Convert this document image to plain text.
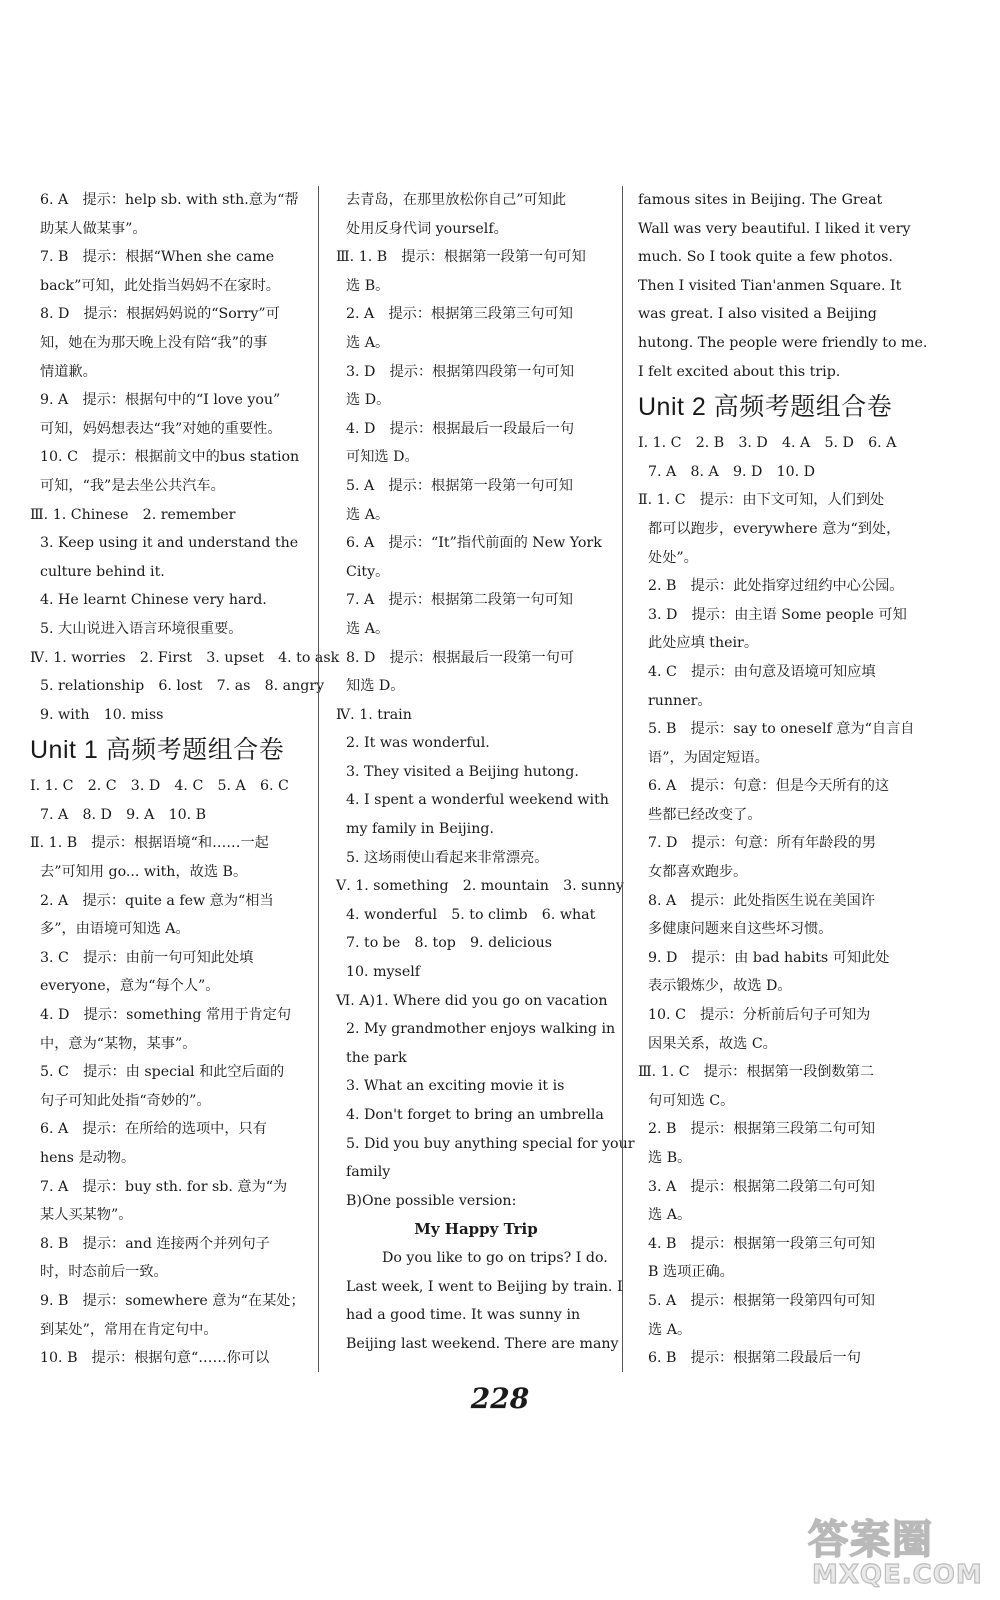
6. A　提示：help sb. with sth.意为“帮
助某人做某事”。
7. B　提示：根据“When she came
back”可知，此处指当妈妈不在家时。
8. D　提示：根据妈妈说的“Sorry”可
知，她在为那天晚上没有陪“我”的事
情道歉。
9. A　提示：根据句中的“I love you”
可知，妈妈想表达“我”对她的重要性。
10. C　提示：根据前文中的bus station
可知，“我”是去坐公共汽车。
Ⅲ. 1. Chinese　2. remember
3. Keep using it and understand the
culture behind it.
4. He learnt Chinese very hard.
5. 大山说进入语言环境很重要。
Ⅳ. 1. worries　2. First　3. upset　4. to ask
5. relationship　6. lost　7. as　8. angry
9. with　10. miss
Unit 1 高频考题组合卷
Ⅰ. 1. C　2. C　3. D　4. C　5. A　6. C
7. A　8. D　9. A　10. B
Ⅱ. 1. B　提示：根据语境“和……一起
去”可知用 go... with，故选 B。
2. A　提示：quite a few 意为“相当
多”，由语境可知选 A。
3. C　提示：由前一句可知此处填
everyone，意为“每个人”。
4. D　提示：something 常用于肯定句
中，意为“某物，某事”。
5. C　提示：由 special 和此空后面的
句子可知此处指“奇妙的”。
6. A　提示：在所给的选项中，只有
hens 是动物。
7. A　提示：buy sth. for sb. 意为“为
某人买某物”。
8. B　提示：and 连接两个并列句子
时，时态前后一致。
9. B　提示：somewhere 意为“在某处；
到某处”，常用在肯定句中。
10. B　提示：根据句意“……你可以
去青岛，在那里放松你自己”可知此
处用反身代词 yourself。
Ⅲ. 1. B　提示：根据第一段第一句可知
选 B。
2. A　提示：根据第三段第三句可知
选 A。
3. D　提示：根据第四段第一句可知
选 D。
4. D　提示：根据最后一段最后一句
可知选 D。
5. A　提示：根据第一段第一句可知
选 A。
6. A　提示：“It”指代前面的 New York
City。
7. A　提示：根据第二段第一句可知
选 A。
8. D　提示：根据最后一段第一句可
知选 D。
Ⅳ. 1. train
2. It was wonderful.
3. They visited a Beijing hutong.
4. I spent a wonderful weekend with
my family in Beijing.
5. 这场雨使山看起来非常漂亮。
Ⅴ. 1. something　2. mountain　3. sunny
4. wonderful　5. to climb　6. what
7. to be　8. top　9. delicious
10. myself
Ⅵ. A)1. Where did you go on vacation
2. My grandmother enjoys walking in
the park
3. What an exciting movie it is
4. Don't forget to bring an umbrella
5. Did you buy anything special for your
family
B)One possible version:
My Happy Trip
Do you like to go on trips? I do.
Last week, I went to Beijing by train. I
had a good time. It was sunny in
Beijing last weekend. There are many
famous sites in Beijing. The Great
Wall was very beautiful. I liked it very
much. So I took quite a few photos.
Then I visited Tian'anmen Square. It
was great. I also visited a Beijing
hutong. The people were friendly to me.
I felt excited about this trip.
Unit 2 高频考题组合卷
Ⅰ. 1. C　2. B　3. D　4. A　5. D　6. A
7. A　8. A　9. D　10. D
Ⅱ. 1. C　提示：由下文可知，人们到处
都可以跑步，everywhere 意为“到处，
处处”。
2. B　提示：此处指穿过纽约中心公园。
3. D　提示：由主语 Some people 可知
此处应填 their。
4. C　提示：由句意及语境可知应填
runner。
5. B　提示：say to oneself 意为“自言自
语”，为固定短语。
6. A　提示：句意：但是今天所有的这
些都已经改变了。
7. D　提示：句意：所有年龄段的男
女都喜欢跑步。
8. A　提示：此处指医生说在美国许
多健康问题来自这些坏习惯。
9. D　提示：由 bad habits 可知此处
表示锻炼少，故选 D。
10. C　提示：分析前后句子可知为
因果关系，故选 C。
Ⅲ. 1. C　提示：根据第一段倒数第二
句可知选 C。
2. B　提示：根据第三段第二句可知
选 B。
3. A　提示：根据第二段第二句可知
选 A。
4. B　提示：根据第一段第三句可知
B 选项正确。
5. A　提示：根据第一段第四句可知
选 A。
6. B　提示：根据第二段最后一句
228
答案圈
MXQE.COM
